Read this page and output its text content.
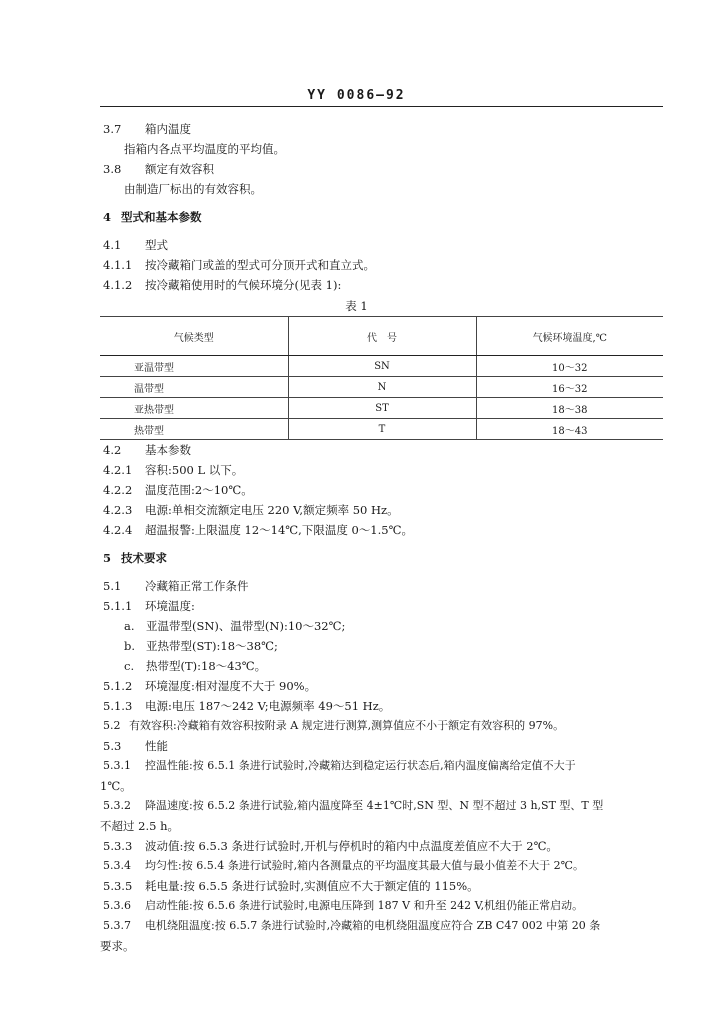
YY 0086—92
3.7 箱内温度
指箱内各点平均温度的平均值。
3.8 额定有效容积
由制造厂标出的有效容积。
4 型式和基本参数
4.1 型式
4.1.1 按冷藏箱门或盖的型式可分顶开式和直立式。
4.1.2 按冷藏箱使用时的气候环境分(见表 1):
表 1
气候类型	代　号	气候环境温度,℃
亚温带型	SN	10～32
温带型	N	16～32
亚热带型	ST	18～38
热带型	T	18～43
4.2 基本参数
4.2.1 容积:500 L 以下。
4.2.2 温度范围:2～10℃。
4.2.3 电源:单相交流额定电压 220 V,额定频率 50 Hz。
4.2.4 超温报警:上限温度 12～14℃,下限温度 0～1.5℃。
5 技术要求
5.1 冷藏箱正常工作条件
5.1.1 环境温度:
a. 亚温带型(SN)、温带型(N):10～32℃;
b. 亚热带型(ST):18～38℃;
c. 热带型(T):18～43℃。
5.1.2 环境湿度:相对湿度不大于 90%。
5.1.3 电源:电压 187～242 V;电源频率 49～51 Hz。
5.2 有效容积:冷藏箱有效容积按附录 A 规定进行测算,测算值应不小于额定有效容积的 97%。
5.3 性能
5.3.1 控温性能:按 6.5.1 条进行试验时,冷藏箱达到稳定运行状态后,箱内温度偏离给定值不大于
1℃。
5.3.2 降温速度:按 6.5.2 条进行试验,箱内温度降至 4±1℃时,SN 型、N 型不超过 3 h,ST 型、T 型
不超过 2.5 h。
5.3.3 波动值:按 6.5.3 条进行试验时,开机与停机时的箱内中点温度差值应不大于 2℃。
5.3.4 均匀性:按 6.5.4 条进行试验时,箱内各测量点的平均温度其最大值与最小值差不大于 2℃。
5.3.5 耗电量:按 6.5.5 条进行试验时,实测值应不大于额定值的 115%。
5.3.6 启动性能:按 6.5.6 条进行试验时,电源电压降到 187 V 和升至 242 V,机组仍能正常启动。
5.3.7 电机绕阻温度:按 6.5.7 条进行试验时,冷藏箱的电机绕阻温度应符合 ZB C47 002 中第 20 条
要求。
